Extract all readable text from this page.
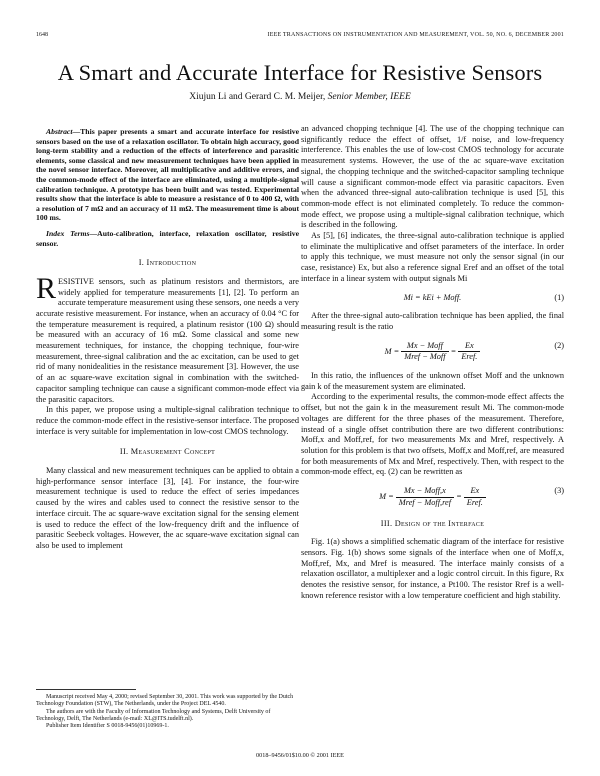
1648	IEEE TRANSACTIONS ON INSTRUMENTATION AND MEASUREMENT, VOL. 50, NO. 6, DECEMBER 2001
A Smart and Accurate Interface for Resistive Sensors
Xiujun Li and Gerard C. M. Meijer, Senior Member, IEEE

Abstract—This paper presents a smart and accurate interface for resistive sensors based on the use of a relaxation oscillator. To obtain high accuracy, good long-term stability and a reduction of the effects of interference and parasitic elements, some classical and new measurement techniques have been applied in the novel sensor interface. Moreover, all multiplicative and additive errors, and the common-mode effect of the interface are eliminated, using a multiple-signal calibration technique. A prototype has been built and was tested. Experimental results show that the interface is able to measure a resistance of 0 to 400 Ω, with a resolution of 7 mΩ and an accuracy of 11 mΩ. The measurement time is about 100 ms.

Index Terms—Auto-calibration, interface, relaxation oscillator, resistive sensor.

I. Introduction

RESISTIVE sensors, such as platinum resistors and thermistors, are widely applied for temperature measurements [1], [2]. To perform an accurate temperature measurement using these sensors, one needs a very accurate resistive measurement. For instance, when an accuracy of 0.04 °C for the temperature measurement is required, a platinum resistor (100 Ω) should be measured with an accuracy of 16 mΩ. Some classical and some new measurement techniques, for instance, the chopping technique, four-wire measurement, three-signal calibration and the ac excitation, can be used to get rid of many nonidealities in the resistance measurement [3]. However, the use of an ac square-wave excitation signal in combination with the switched-capacitor sampling technique can cause a significant common-mode effect via the parasitic capacitors.

In this paper, we propose using a multiple-signal calibration technique to reduce the common-mode effect in the resistive-sensor interface. The proposed interface is very suitable for implementation in low-cost CMOS technology.

II. Measurement Concept

Many classical and new measurement techniques can be applied to obtain a high-performance sensor interface [3], [4]. For instance, the four-wire measurement technique is used to reduce the effect of series impedances caused by the wires and cables used to connect the resistive sensor to the interface circuit. The ac square-wave excitation signal for the sensing element is used to reduce the effect of the low-frequency drift and the influence of parasitic Seebeck voltages. However, the ac square-wave excitation signal can also be used to implement

an advanced chopping technique [4]. The use of the chopping technique can significantly reduce the effect of offset, 1/f noise, and low-frequency interference. This enables the use of low-cost CMOS technology for accurate measurement systems. However, the use of the ac square-wave excitation signal, the chopping technique and the switched-capacitor sampling technique will cause a significant common-mode effect via parasitic capacitors. Even when the advanced three-signal auto-calibration technique is used [5], this common-mode effect is not eliminated completely. To reduce the common-mode effect, we propose using a multiple-signal calibration technique, which is described in the following.

As [5], [6] indicates, the three-signal auto-calibration technique is applied to eliminate the multiplicative and offset parameters of the interface. In order to apply this technique, we must measure not only the sensor signal (in our case, resistance) Ex, but also a reference signal Eref and an offset of the total interface in a linear system with output signals Mi

Mi = kEi + Moff.	(1)

After the three-signal auto-calibration technique has been applied, the final measuring result is the ratio

$M = \frac{\text{Mx − Moff}}{\text{Mref − Moff}} = \frac{Ex}{\text{Eref.}}$	(2)

In this ratio, the influences of the unknown offset Moff and the unknown gain k of the measurement system are eliminated.

According to the experimental results, the common-mode effect affects the offset, but not the gain k in the measurement result Mi. The common-mode voltages are different for the three phases of the measurement. Therefore, instead of a single offset contribution there are two different contributions: Moff,x and Moff,ref, for two measurements Mx and Mref, respectively. A solution for this problem is that two offsets, Moff,x and Moff,ref, are measured for both measurements of Mx and Mref, respectively. Then, with respect to the common-mode effect, eq. (2) can be rewritten as

$M = \frac{\text{Mx − Moff,x}}{\text{Mref − Moff,ref}} = \frac{Ex}{\text{Eref.}}$	(3)
III. Design of the Interface

Fig. 1(a) shows a simplified schematic diagram of the interface for resistive sensors. Fig. 1(b) shows some signals of the interface when one of Moff,x, Moff,ref, Mx, and Mref is measured. The interface mainly consists of a relaxation oscillator, a multiplexer and a logic control circuit. In this figure, Rx denotes the resistive sensor, for instance, a Pt100. The resistor Rref is a well-known reference resistor with a low temperature coefficient and high stability.

Manuscript received May 4, 2000; revised September 30, 2001. This work was supported by the Dutch Technology Foundation (STW), The Netherlands, under the Project DEL 4540.

The authors are with the Faculty of Information Technology and Systems, Delft University of Technology, Delft, The Netherlands (e-mail: XL@ITS.tudelft.nl).

Publisher Item Identifier S 0018-9456(01)10969-1.

0018–9456/01$10.00 © 2001 IEEE
